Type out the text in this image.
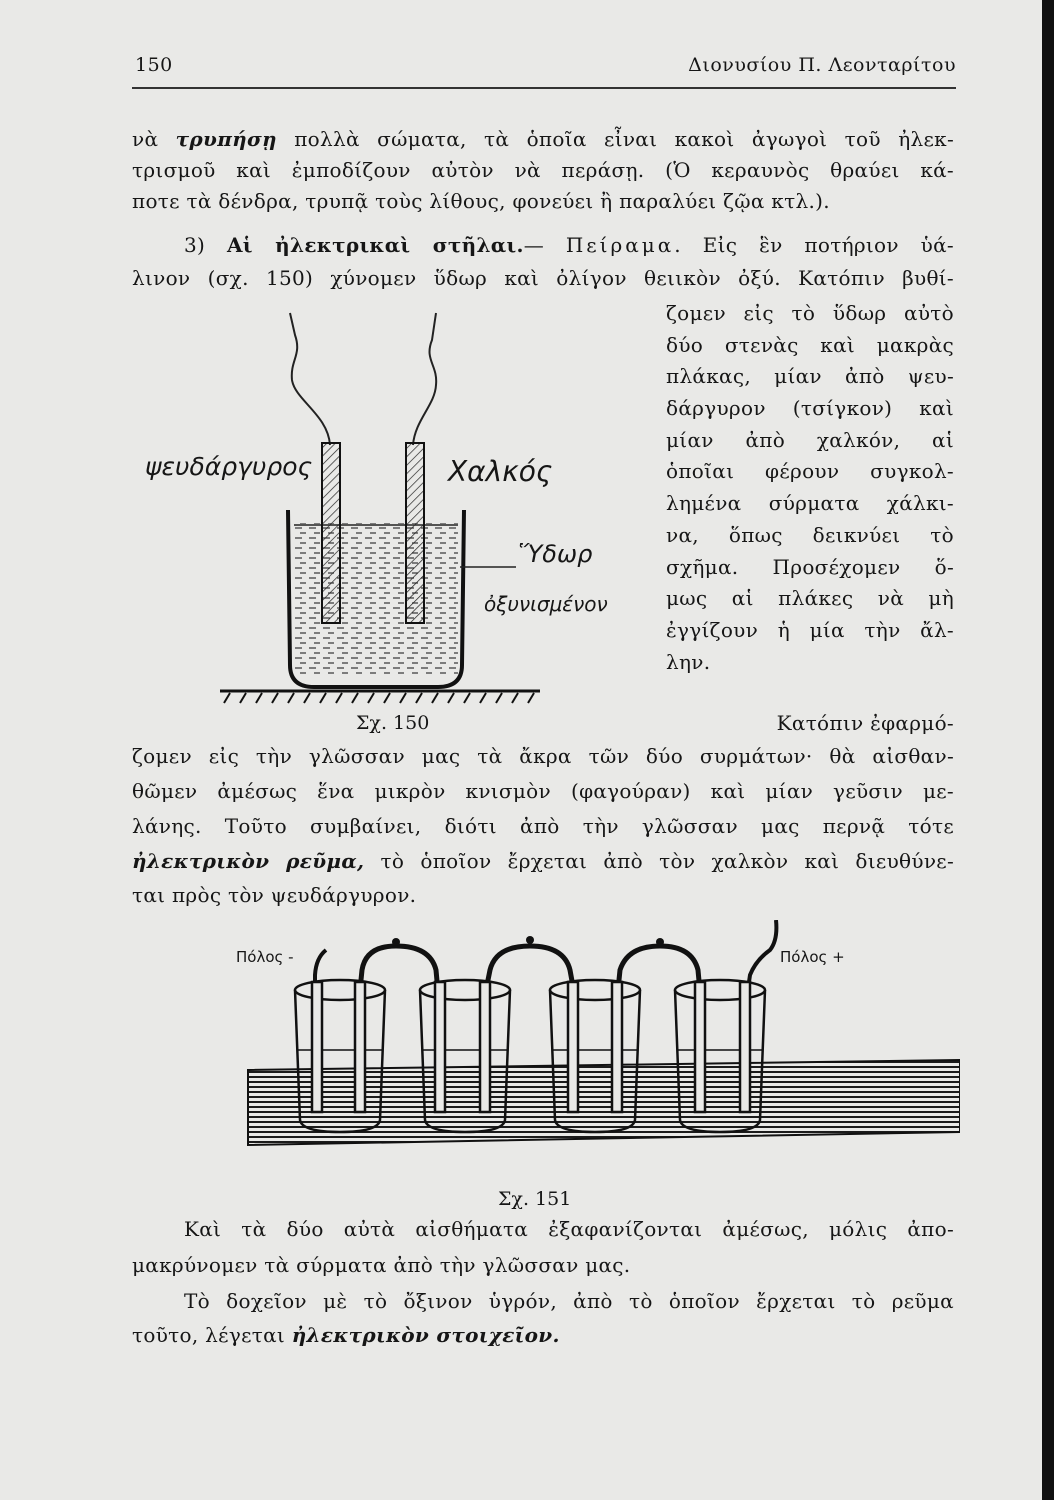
150	Διονυσίου Π. Λεονταρίτου

νὰ τρυπήσῃ πολλὰ σώματα, τὰ ὁποῖα εἶναι κακοὶ ἀγωγοὶ τοῦ ἠλεκ-

τρισμοῦ καὶ ἐμποδίζουν αὐτὸν νὰ περάσῃ. (Ὁ κεραυνὸς θραύει κά-

ποτε τὰ δένδρα, τρυπᾷ τοὺς λίθους, φονεύει ἢ παραλύει ζῷα κτλ.).

3) Αἱ ἠλεκτρικαὶ στῆλαι.— Πείραμα. Εἰς ἓν ποτήριον ὑά-

λινον (σχ. 150) χύνομεν ὕδωρ καὶ ὀλίγον θειικὸν ὀξύ. Κατόπιν βυθί-

ζομεν εἰς τὸ ὕδωρ αὐτὸ
δύο στενὰς καὶ μακρὰς
πλάκας, μίαν ἀπὸ ψευ-
δάργυρον (τσίγκον) καὶ
μίαν ἀπὸ χαλκόν, αἱ
ὁποῖαι φέρουν συγκολ-
λημένα σύρματα χάλκι-
να, ὅπως δεικνύει τὸ
σχῆμα. Προσέχομεν ὅ-
μως αἱ πλάκες νὰ μὴ
ἐγγίζουν ἡ μία τὴν ἄλ-
λην.
ψευδάργυρος	Χαλκός
Ὕδωρ
ὀξυνισμένον
Σχ. 150	Κατόπιν ἐφαρμό-

ζομεν εἰς τὴν γλῶσσαν μας τὰ ἄκρα τῶν δύο συρμάτων· θὰ αἰσθαν-

θῶμεν ἀμέσως ἕνα μικρὸν κνισμὸν (φαγούραν) καὶ μίαν γεῦσιν με-

λάνης. Τοῦτο συμβαίνει, διότι ἀπὸ τὴν γλῶσσαν μας περνᾷ τότε

ἠλεκτρικὸν ρεῦμα, τὸ ὁποῖον ἔρχεται ἀπὸ τὸν χαλκὸν καὶ διευθύνε-

ται πρὸς τὸν ψευδάργυρον.

Πόλος -	Πόλος +
Σχ. 151

Καὶ τὰ δύο αὐτὰ αἰσθήματα ἐξαφανίζονται ἀμέσως, μόλις ἀπο-

μακρύνομεν τὰ σύρματα ἀπὸ τὴν γλῶσσαν μας.

Τὸ δοχεῖον μὲ τὸ ὄξινον ὑγρόν, ἀπὸ τὸ ὁποῖον ἔρχεται τὸ ρεῦμα

τοῦτο, λέγεται ἠλεκτρικὸν στοιχεῖον.
